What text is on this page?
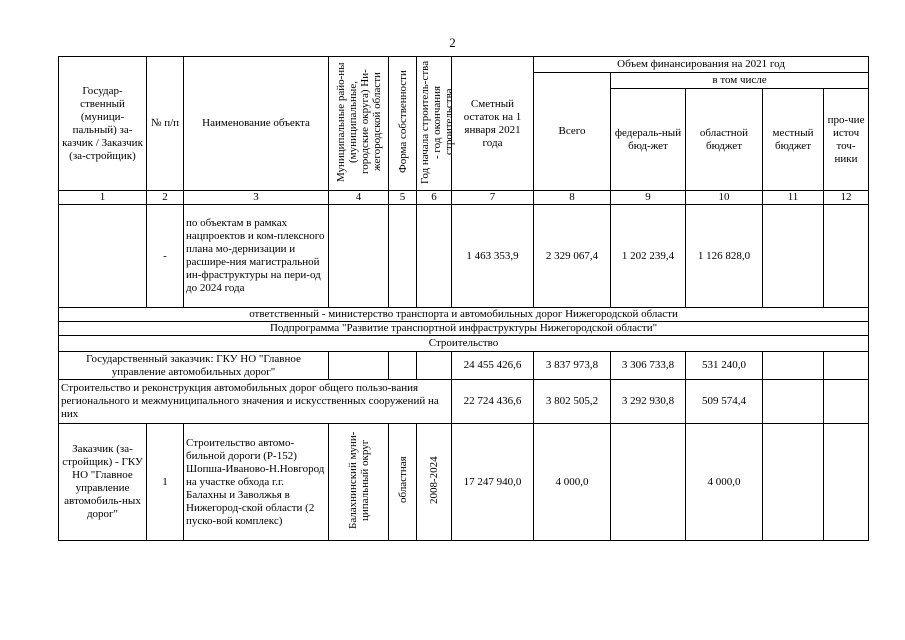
2
Государ-ственный (муници-пальный) за-казчик / Заказчик (за-стройщик)	№ п/п	Наименование объекта	Муниципальные райо-ны (муниципальные, городские округа) Ни-жегородской области	Форма собственности	Год начала строитель-ства - год окончания строительства	Сметный остаток на 1 января 2021 года	Объем финансирования на 2021 год				
							Всего	в том числе			
								федераль-ный бюд-жет	областной бюджет	местный бюджет	про-чие источ точ-ники
1	2	3	4	5	6	7	8	9	10	11	12
	-	по объектам в рамках нацпроектов и ком-плексного плана мо-дернизации и расшире-ния магистральной ин-фраструктуры на пери-од до 2024 года				1 463 353,9	2 329 067,4	1 202 239,4	1 126 828,0		
ответственный - министерство транспорта и автомобильных дорог Нижегородской области											
Подпрограмма "Развитие транспортной инфраструктуры Нижегородской области"											
Строительство											
Государственный заказчик: ГКУ НО "Главное управление автомобильных дорог"						24 455 426,6	3 837 973,8	3 306 733,8	531 240,0		
Строительство и реконструкция автомобильных дорог общего пользо-вания регионального и межмуниципального значения и искусственных сооружений на них						22 724 436,6	3 802 505,2	3 292 930,8	509 574,4		
Заказчик (за-стройщик) - ГКУ НО "Главное управление автомобиль-ных дорог"	1	Строительство автомо-бильной дороги (Р-152) Шопша-Иваново-Н.Новгород на участке обхода г.г. Балахны и Заволжья в Нижегород-ской области (2 пуско-вой комплекс)	Балахнинский муни-ципальный округ	областная	2008-2024	17 247 940,0	4 000,0		4 000,0		
